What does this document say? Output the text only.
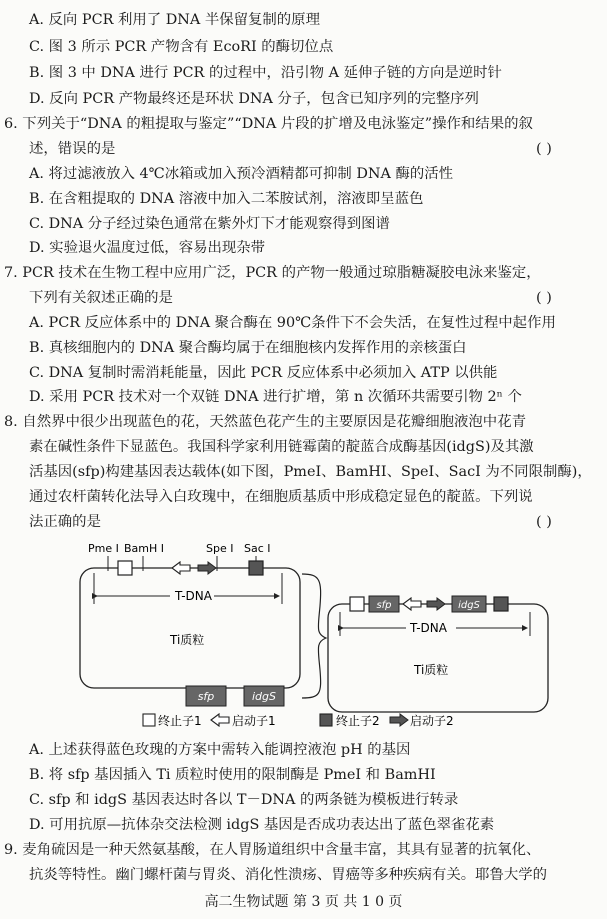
A. 反向 PCR 利用了 DNA 半保留复制的原理
C. 图 3 所示 PCR 产物含有 EcoRI 的酶切位点
B. 图 3 中 DNA 进行 PCR 的过程中，沿引物 A 延伸子链的方向是逆时针
D. 反向 PCR 产物最终还是环状 DNA 分子，包含已知序列的完整序列
6. 下列关于“DNA 的粗提取与鉴定”“DNA 片段的扩增及电泳鉴定”操作和结果的叙
述，错误的是	( )
A. 将过滤液放入 4℃冰箱或加入预冷酒精都可抑制 DNA 酶的活性
B. 在含粗提取的 DNA 溶液中加入二苯胺试剂，溶液即呈蓝色
C. DNA 分子经过染色通常在紫外灯下才能观察得到图谱
D. 实验退火温度过低，容易出现杂带
7. PCR 技术在生物工程中应用广泛，PCR 的产物一般通过琼脂糖凝胶电泳来鉴定，
下列有关叙述正确的是	( )
A. PCR 反应体系中的 DNA 聚合酶在 90℃条件下不会失活，在复性过程中起作用
B. 真核细胞内的 DNA 聚合酶均属于在细胞核内发挥作用的亲核蛋白
C. DNA 复制时需消耗能量，因此 PCR 反应体系中必须加入 ATP 以供能
D. 采用 PCR 技术对一个双链 DNA 进行扩增，第 n 次循环共需要引物 2ⁿ 个
8. 自然界中很少出现蓝色的花，天然蓝色花产生的主要原因是花瓣细胞液泡中花青
素在碱性条件下显蓝色。我国科学家利用链霉菌的靛蓝合成酶基因(idgS)及其激
活基因(sfp)构建基因表达载体(如下图，PmeI、BamHI、SpeI、SacI 为不同限制酶)，
通过农杆菌转化法导入白玫瑰中，在细胞质基质中形成稳定显色的靛蓝。下列说
法正确的是	( )
Pme I BamH I	Spe I Sac I
T-DNA
Ti质粒
sfp	idgS
T-DNA
Ti质粒
sfp	idgS
终止子1	启动子1	终止子2	启动子2
A. 上述获得蓝色玫瑰的方案中需转入能调控液泡 pH 的基因
B. 将 sfp 基因插入 Ti 质粒时使用的限制酶是 PmeI 和 BamHI
C. sfp 和 idgS 基因表达时各以 T－DNA 的两条链为模板进行转录
D. 可用抗原—抗体杂交法检测 idgS 基因是否成功表达出了蓝色翠雀花素
9. 麦角硫因是一种天然氨基酸，在人胃肠道组织中含量丰富，其具有显著的抗氧化、
抗炎等特性。幽门螺杆菌与胃炎、消化性溃疡、胃癌等多种疾病有关。耶鲁大学的
高二生物试题 第 3 页 共 1 0 页
